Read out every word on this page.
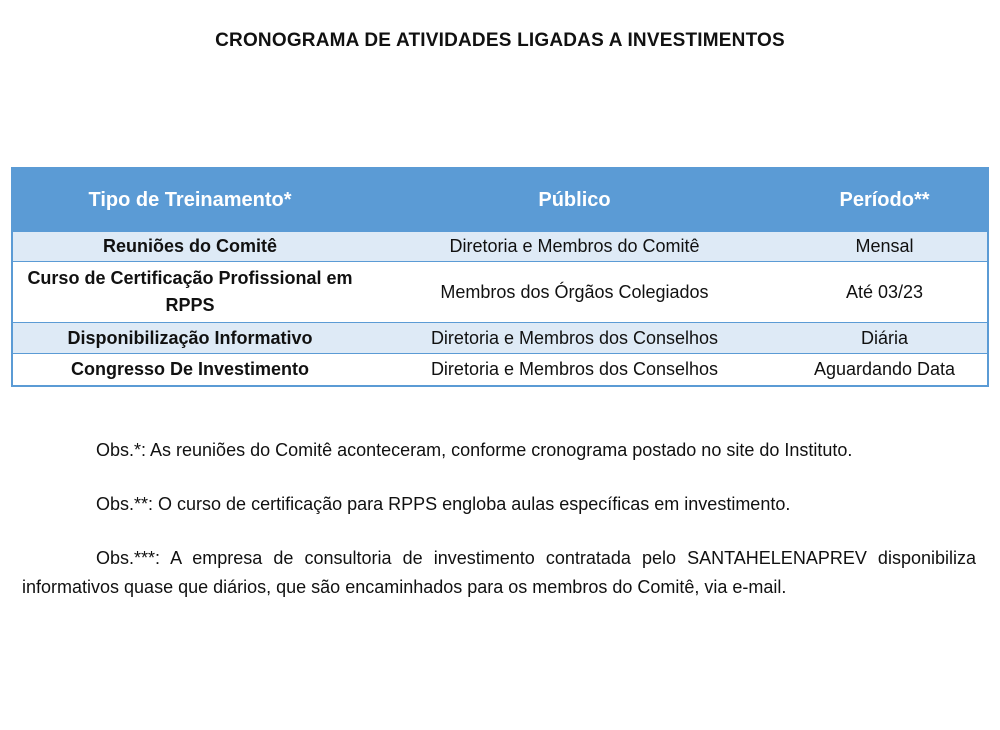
CRONOGRAMA DE ATIVIDADES LIGADAS A INVESTIMENTOS
Tipo de Treinamento*	Público	Período**
Reuniões do Comitê	Diretoria e Membros do Comitê	Mensal
Curso de Certificação Profissional em RPPS	Membros dos Órgãos Colegiados	Até 03/23
Disponibilização Informativo	Diretoria e Membros dos Conselhos	Diária
Congresso De Investimento	Diretoria e Membros dos Conselhos	Aguardando Data

Obs.*: As reuniões do Comitê aconteceram, conforme cronograma postado no site do Instituto.

Obs.**: O curso de certificação para RPPS engloba aulas específicas em investimento.

Obs.***: A empresa de consultoria de investimento contratada pelo SANTAHELENAPREV disponibiliza informativos quase que diários, que são encaminhados para os membros do Comitê, via e-mail.
